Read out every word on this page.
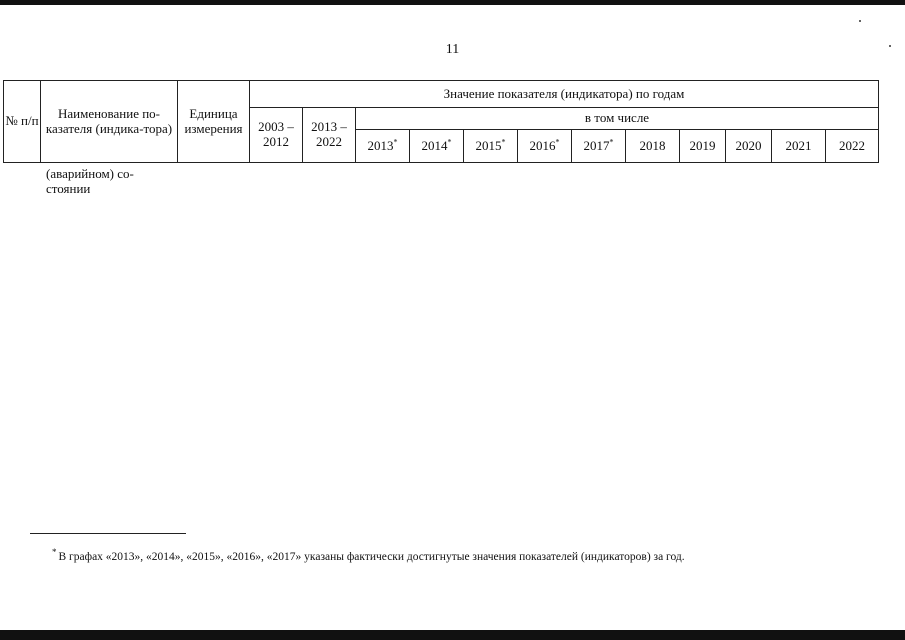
11
№ п/п	Наименование по-казателя (индика-тора)	Единица измерения	Значение показателя (индикатора) по годам											
			2003 – 2012	2013 – 2022	в том числе									
					2013*	2014*	2015*	2016*	2017*	2018	2019	2020	2021	2022
(аварийном) со-
стоянии
* В графах «2013», «2014», «2015», «2016», «2017» указаны фактически достигнутые значения показателей (индикаторов) за год.
